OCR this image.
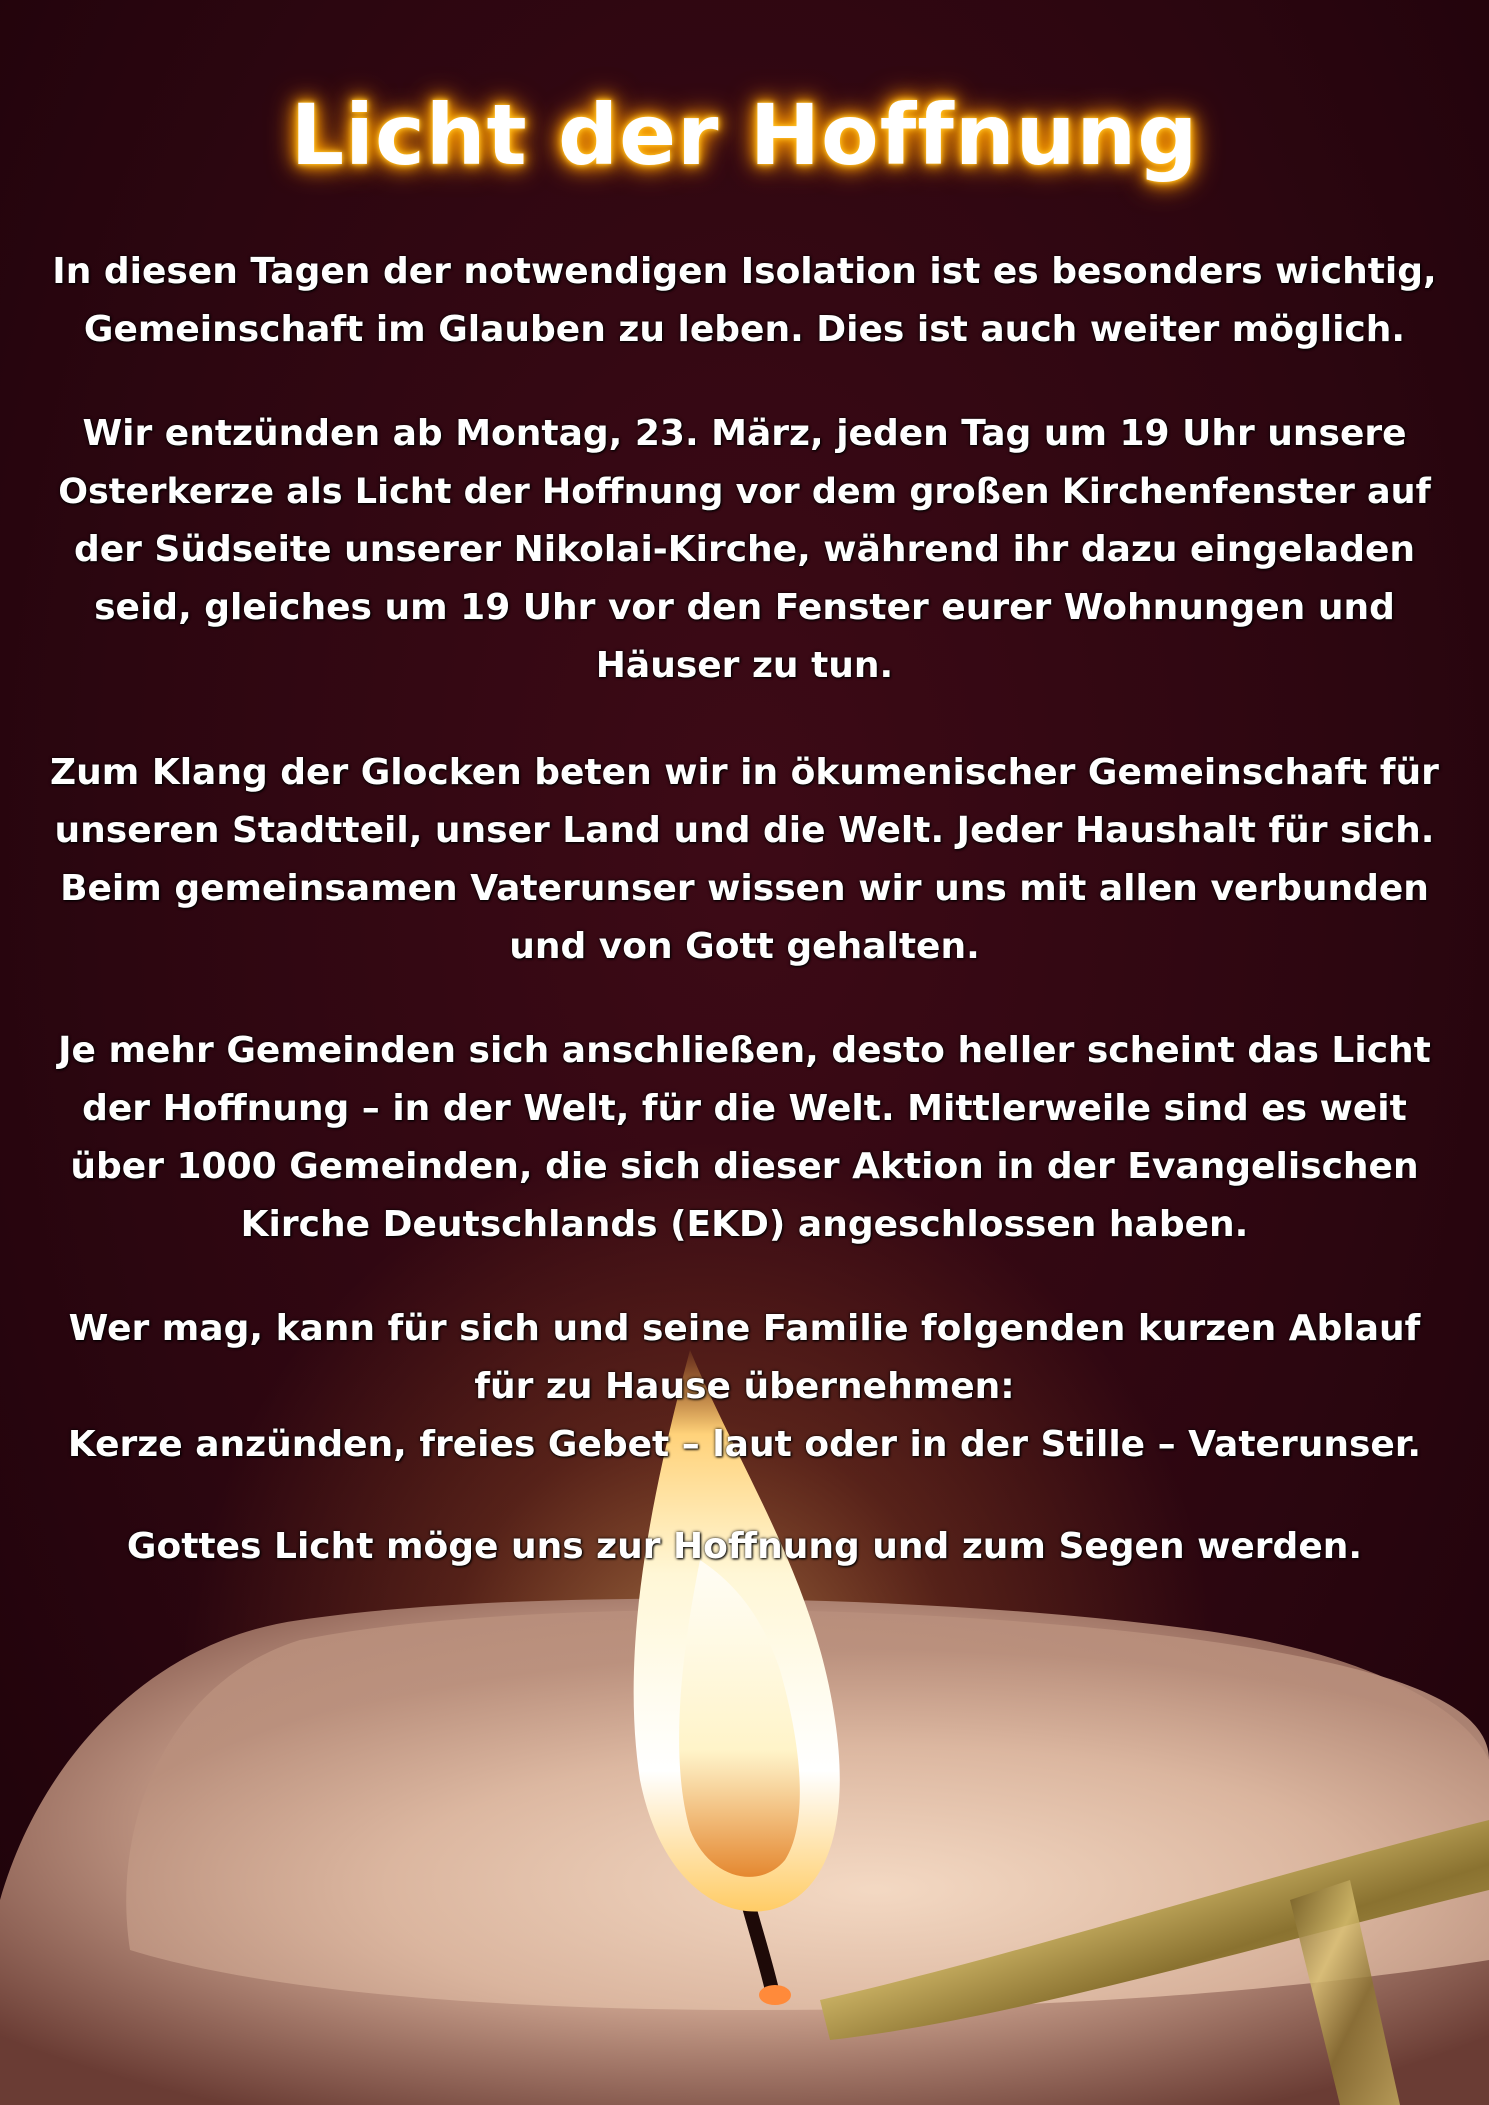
Licht der Hoffnung

In diesen Tagen der notwendigen Isolation ist es besonders wichtig,
Gemeinschaft im Glauben zu leben. Dies ist auch weiter möglich.

Wir entzünden ab Montag, 23. März, jeden Tag um 19 Uhr unsere
Osterkerze als Licht der Hoffnung vor dem großen Kirchenfenster auf
der Südseite unserer Nikolai-Kirche, während ihr dazu eingeladen
seid, gleiches um 19 Uhr vor den Fenster eurer Wohnungen und
Häuser zu tun.

Zum Klang der Glocken beten wir in ökumenischer Gemeinschaft für
unseren Stadtteil, unser Land und die Welt. Jeder Haushalt für sich.
Beim gemeinsamen Vaterunser wissen wir uns mit allen verbunden
und von Gott gehalten.

Je mehr Gemeinden sich anschließen, desto heller scheint das Licht
der Hoffnung – in der Welt, für die Welt. Mittlerweile sind es weit
über 1000 Gemeinden, die sich dieser Aktion in der Evangelischen
Kirche Deutschlands (EKD) angeschlossen haben.

Wer mag, kann für sich und seine Familie folgenden kurzen Ablauf
für zu Hause übernehmen:
Kerze anzünden, freies Gebet – laut oder in der Stille – Vaterunser.

Gottes Licht möge uns zur Hoffnung und zum Segen werden.
